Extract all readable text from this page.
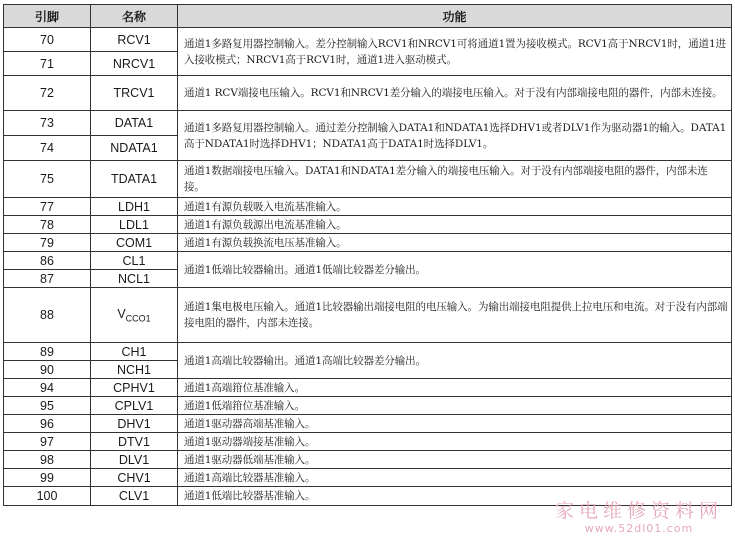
引脚	名称	功能
70	RCV1	通道1多路复用器控制输入。差分控制输入RCV1和NRCV1可将通道1置为接收模式。RCV1高于NRCV1时，通道1进入接收模式；NRCV1高于RCV1时，通道1进入驱动模式。
71	NRCV1	
72	TRCV1	通道1 RCV端接电压输入。RCV1和NRCV1差分输入的端接电压输入。对于没有内部端接电阻的器件，内部未连接。
73	DATA1	通道1多路复用器控制输入。通过差分控制输入DATA1和NDATA1选择DHV1或者DLV1作为驱动器1的输入。DATA1高于NDATA1时选择DHV1；NDATA1高于DATA1时选择DLV1。
74	NDATA1	
75	TDATA1	通道1数据端接电压输入。DATA1和NDATA1差分输入的端接电压输入。对于没有内部端接电阻的器件，内部未连接。
77	LDH1	通道1有源负载吸入电流基准输入。
78	LDL1	通道1有源负载源出电流基准输入。
79	COM1	通道1有源负载换流电压基准输入。
86	CL1	通道1低端比较器输出。通道1低端比较器差分输出。
87	NCL1	
88	$V_{CCO1}$	通道1集电极电压输入。通道1比较器输出端接电阻的电压输入。为输出端接电阻提供上拉电压和电流。对于没有内部端接电阻的器件，内部未连接。
89	CH1	通道1高端比较器输出。通道1高端比较器差分输出。
90	NCH1	
94	CPHV1	通道1高端箝位基准输入。
95	CPLV1	通道1低端箝位基准输入。
96	DHV1	通道1驱动器高端基准输入。
97	DTV1	通道1驱动器端接基准输入。
98	DLV1	通道1驱动器低端基准输入。
99	CHV1	通道1高端比较器基准输入。
100	CLV1	通道1低端比较器基准输入。
家电维修资料网
www.52dl01.com
